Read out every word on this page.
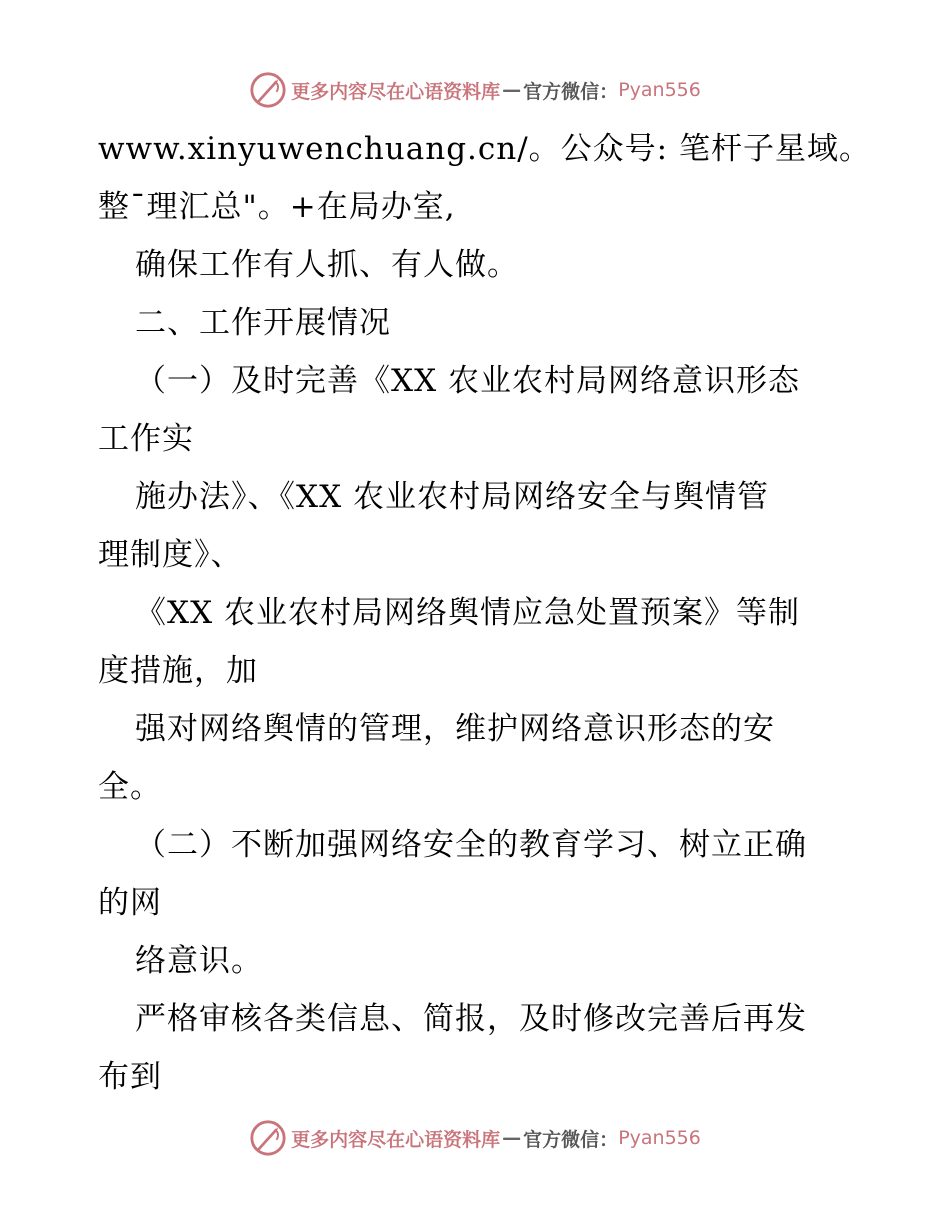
更多内容尽在心语资料库 — 官方微信： Pyan556

www.xinyuwenchuang.cn/。公众号: 笔杆子星域。

整¯理汇总"。+在局办室,

确保工作有人抓、有人做。

二、工作开展情况

（一）及时完善《XX 农业农村局网络意识形态

工作实

施办法》、《XX 农业农村局网络安全与舆情管

理制度》、

《XX 农业农村局网络舆情应急处置预案》等制

度措施，加

强对网络舆情的管理，维护网络意识形态的安

全。

（二）不断加强网络安全的教育学习、树立正确

的网

络意识。

严格审核各类信息、简报，及时修改完善后再发

布到

更多内容尽在心语资料库 — 官方微信： Pyan556
